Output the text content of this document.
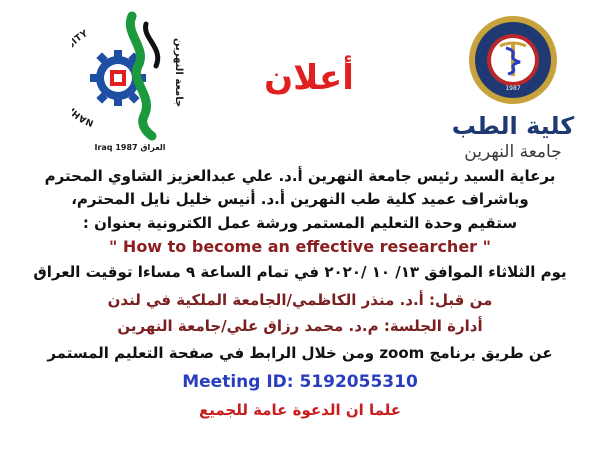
NA TY
Iraq 1987 العراق
جامعة النهرين	أعلان	1987
كلية الطب
جامعة النهرين
برعاية السيد رئيس جامعة النهرين أ.د. علي عبدالعزيز الشاوي المحترم
وباشراف عميد كلية طب النهرين أ.د. أنيس خليل نايل المحترم،
ستقيم وحدة التعليم المستمر ورشة عمل الكترونية بعنوان :
" How to become an effective researcher "
يوم الثلاثاء الموافق ١٣/ ١٠ /٢٠٢٠ في تمام الساعة ٩ مساءا توقيت العراق
من قبل: أ.د. منذر الكاظمي/الجامعة الملكية في لندن
أدارة الجلسة: م.د. محمد رزاق علي/جامعة النهرين
عن طريق برنامج zoom ومن خلال الرابط في صفحة التعليم المستمر
Meeting ID: 5192055310
علما ان الدعوة عامة للجميع
